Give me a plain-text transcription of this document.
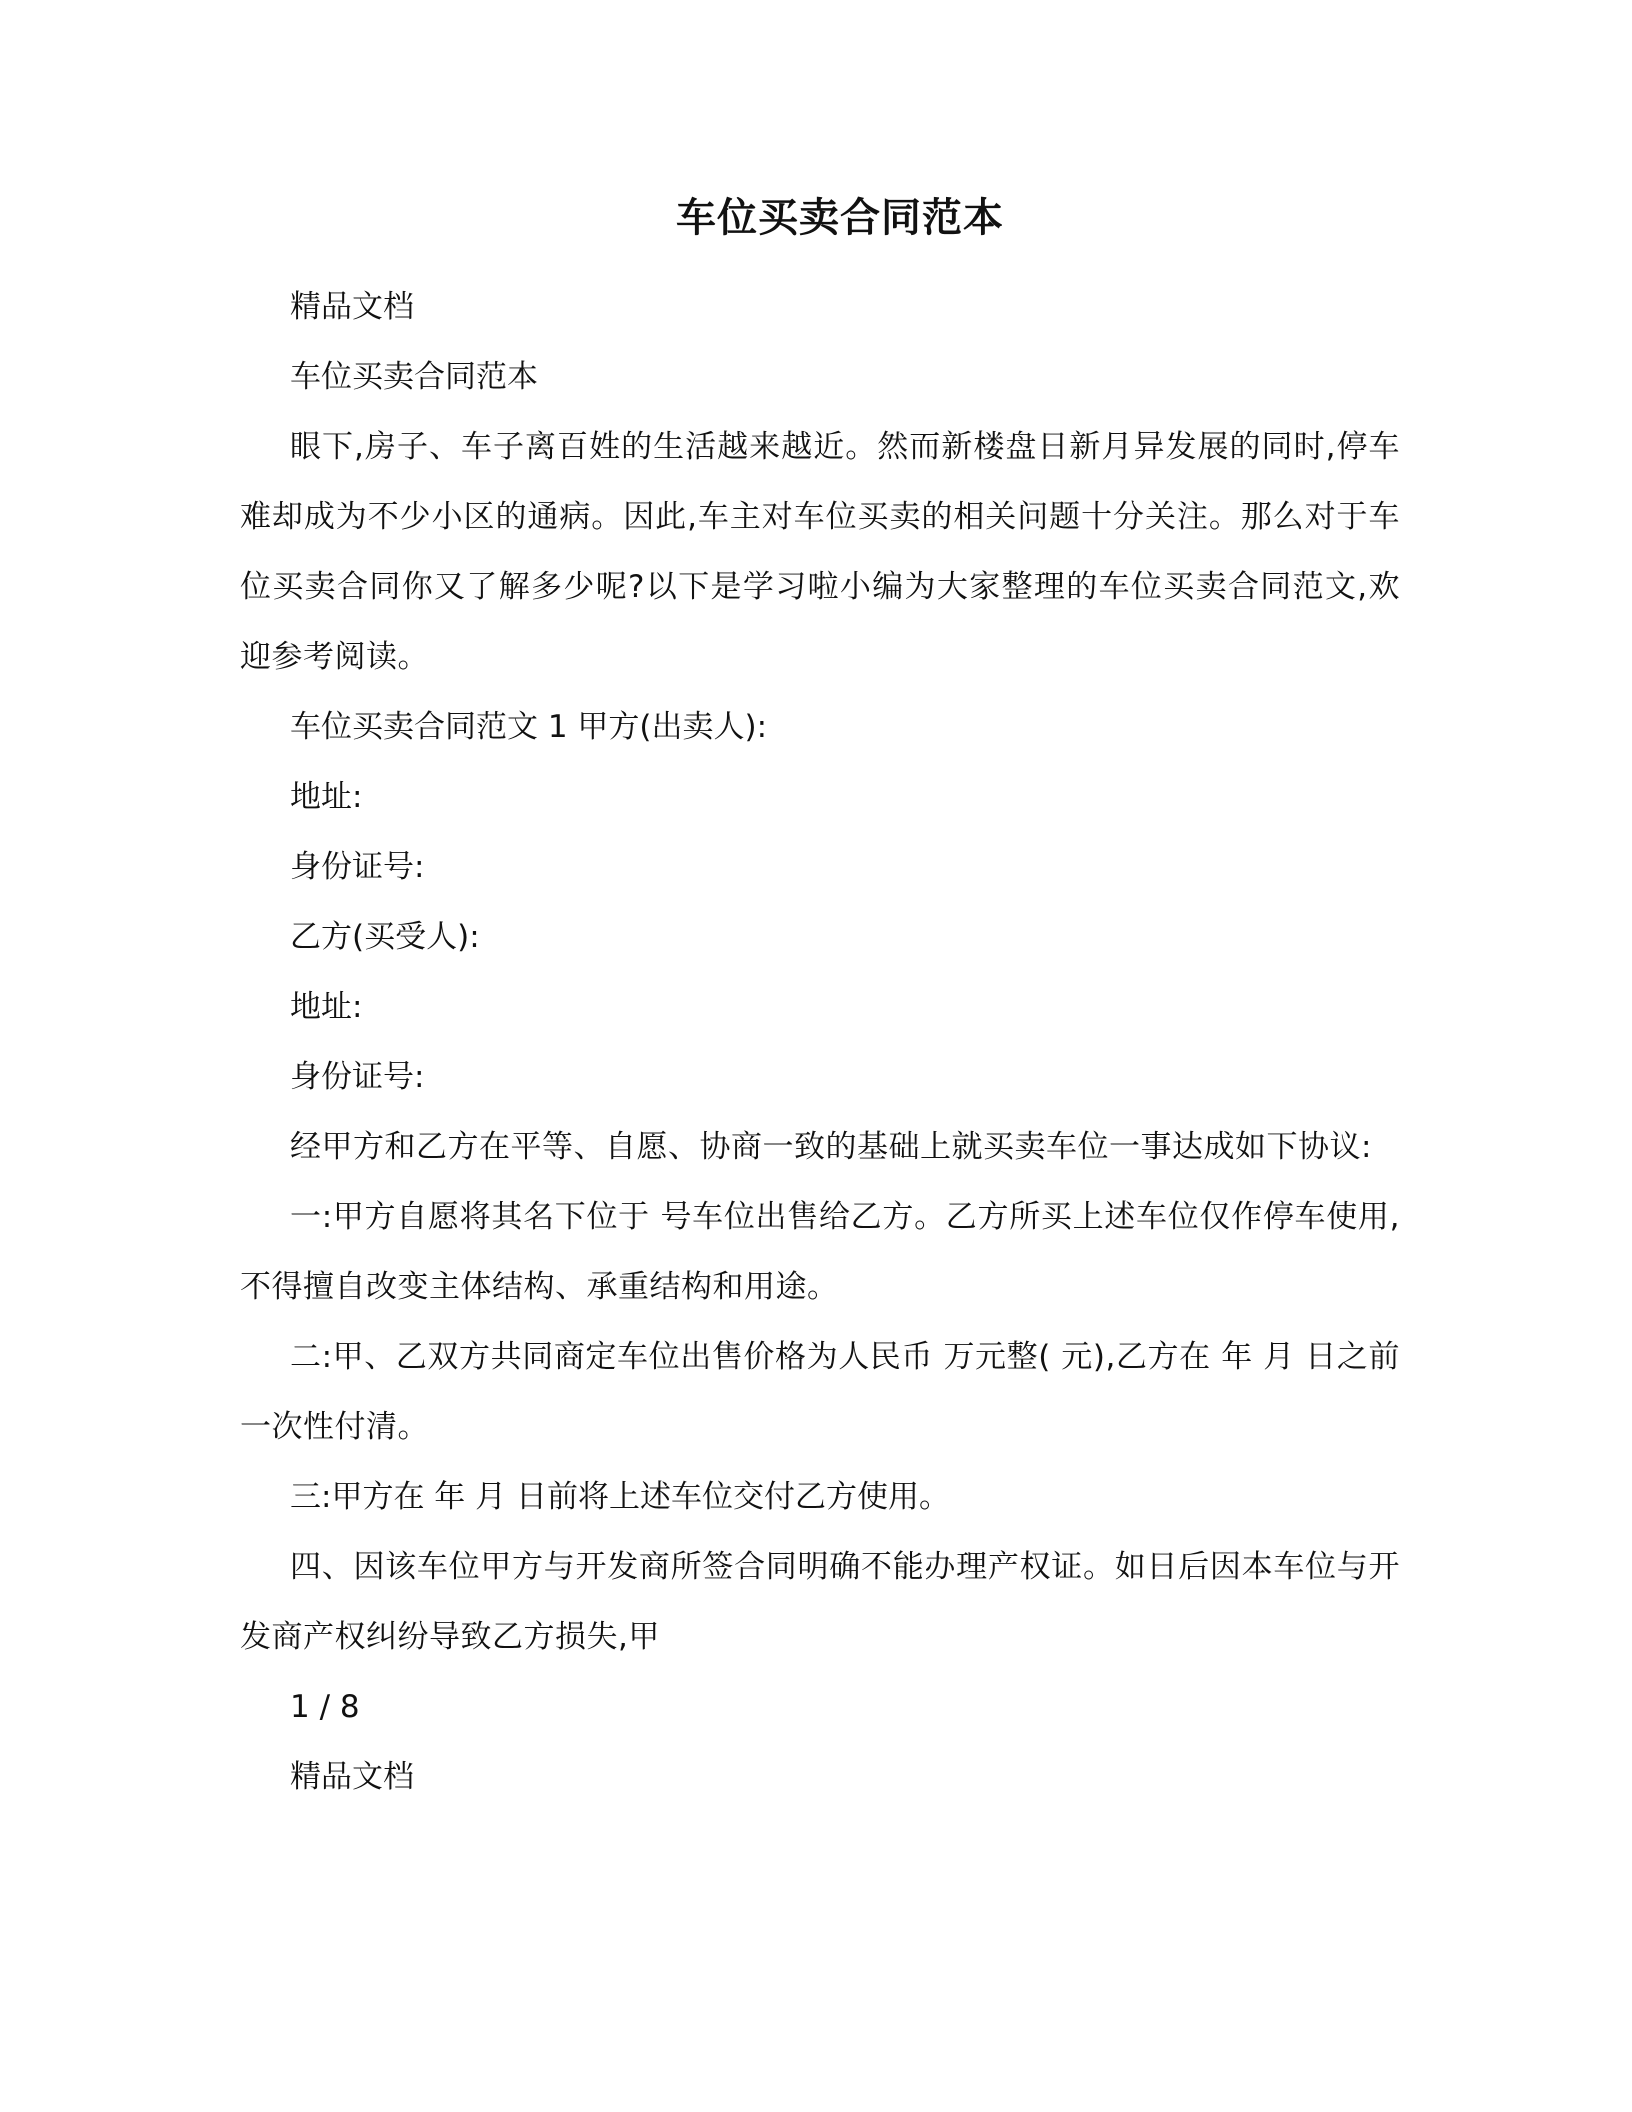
车位买卖合同范本

精品文档

车位买卖合同范本

眼下,房子、车子离百姓的生活越来越近。然而新楼盘日新月异发展的同时,停车难却成为不少小区的通病。因此,车主对车位买卖的相关问题十分关注。那么对于车位买卖合同你又了解多少呢?以下是学习啦小编为大家整理的车位买卖合同范文,欢迎参考阅读。

车位买卖合同范文 1 甲方(出卖人):

地址:

身份证号:

乙方(买受人):

地址:

身份证号:

经甲方和乙方在平等、自愿、协商一致的基础上就买卖车位一事达成如下协议:

一:甲方自愿将其名下位于 号车位出售给乙方。乙方所买上述车位仅作停车使用,不得擅自改变主体结构、承重结构和用途。

二:甲、乙双方共同商定车位出售价格为人民币 万元整( 元),乙方在 年 月 日之前一次性付清。

三:甲方在 年 月 日前将上述车位交付乙方使用。

四、因该车位甲方与开发商所签合同明确不能办理产权证。如日后因本车位与开发商产权纠纷导致乙方损失,甲

1 / 8

精品文档
